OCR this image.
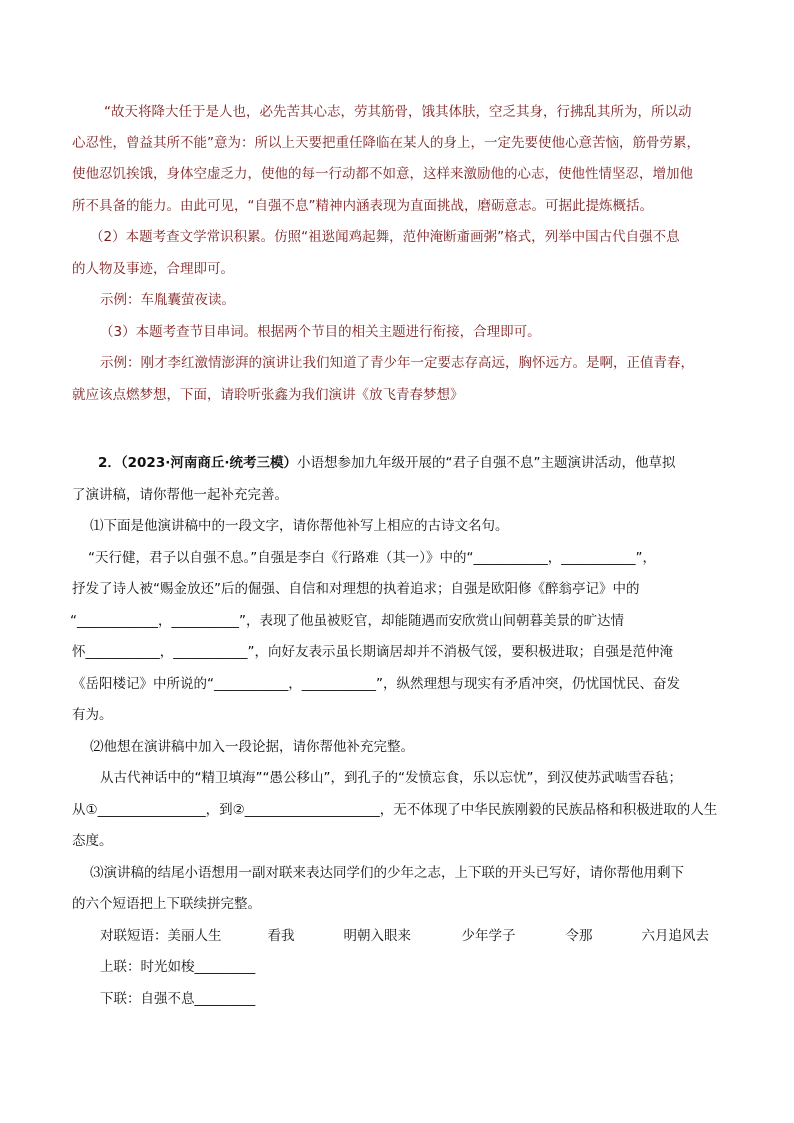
“故天将降大任于是人也，必先苦其心志，劳其筋骨，饿其体肤，空乏其身，行拂乱其所为，所以动
心忍性，曾益其所不能”意为：所以上天要把重任降临在某人的身上，一定先要使他心意苦恼，筋骨劳累，
使他忍饥挨饿，身体空虚乏力，使他的每一行动都不如意，这样来激励他的心志，使他性情坚忍，增加他
所不具备的能力。由此可见，“自强不息”精神内涵表现为直面挑战，磨砺意志。可据此提炼概括。
（2）本题考查文学常识积累。仿照“祖逖闻鸡起舞，范仲淹断齑画粥”格式，列举中国古代自强不息
的人物及事迹，合理即可。
示例：车胤囊萤夜读。
（3）本题考查节目串词。根据两个节目的相关主题进行衔接，合理即可。
示例：刚才李红激情澎湃的演讲让我们知道了青少年一定要志存高远，胸怀远方。是啊，正值青春，
就应该点燃梦想，下面，请聆听张鑫为我们演讲《放飞青春梦想》
2．（2023·河南商丘·统考三模）小语想参加九年级开展的“君子自强不息”主题演讲活动，他草拟
了演讲稿，请你帮他一起补充完善。
⑴下面是他演讲稿中的一段文字，请你帮他补写上相应的古诗文名句。
“天行健，君子以自强不息。”自强是李白《行路难（其一）》中的“___________，___________”，
抒发了诗人被“赐金放还”后的倔强、自信和对理想的执着追求；自强是欧阳修《醉翁亭记》中的
“____________，__________”，表现了他虽被贬官，却能随遇而安欣赏山间朝暮美景的旷达情
怀___________，___________”，向好友表示虽长期谪居却并不消极气馁，要积极进取；自强是范仲淹
《岳阳楼记》中所说的“___________，___________”，纵然理想与现实有矛盾冲突，仍忧国忧民、奋发
有为。
⑵他想在演讲稿中加入一段论据，请你帮他补充完整。
从古代神话中的“精卫填海”“愚公移山”，到孔子的“发愤忘食，乐以忘忧”，到汉使苏武啮雪吞毡；
从①________________，到②____________________，无不体现了中华民族刚毅的民族品格和积极进取的人生
态度。
⑶演讲稿的结尾小语想用一副对联来表达同学们的少年之志，上下联的开头已写好，请你帮他用剩下
的六个短语把上下联续拼完整。
对联短语：美丽人生	看我	明朝入眼来	少年学子	令那	六月追风去
上联：时光如梭_________
下联：自强不息_________
